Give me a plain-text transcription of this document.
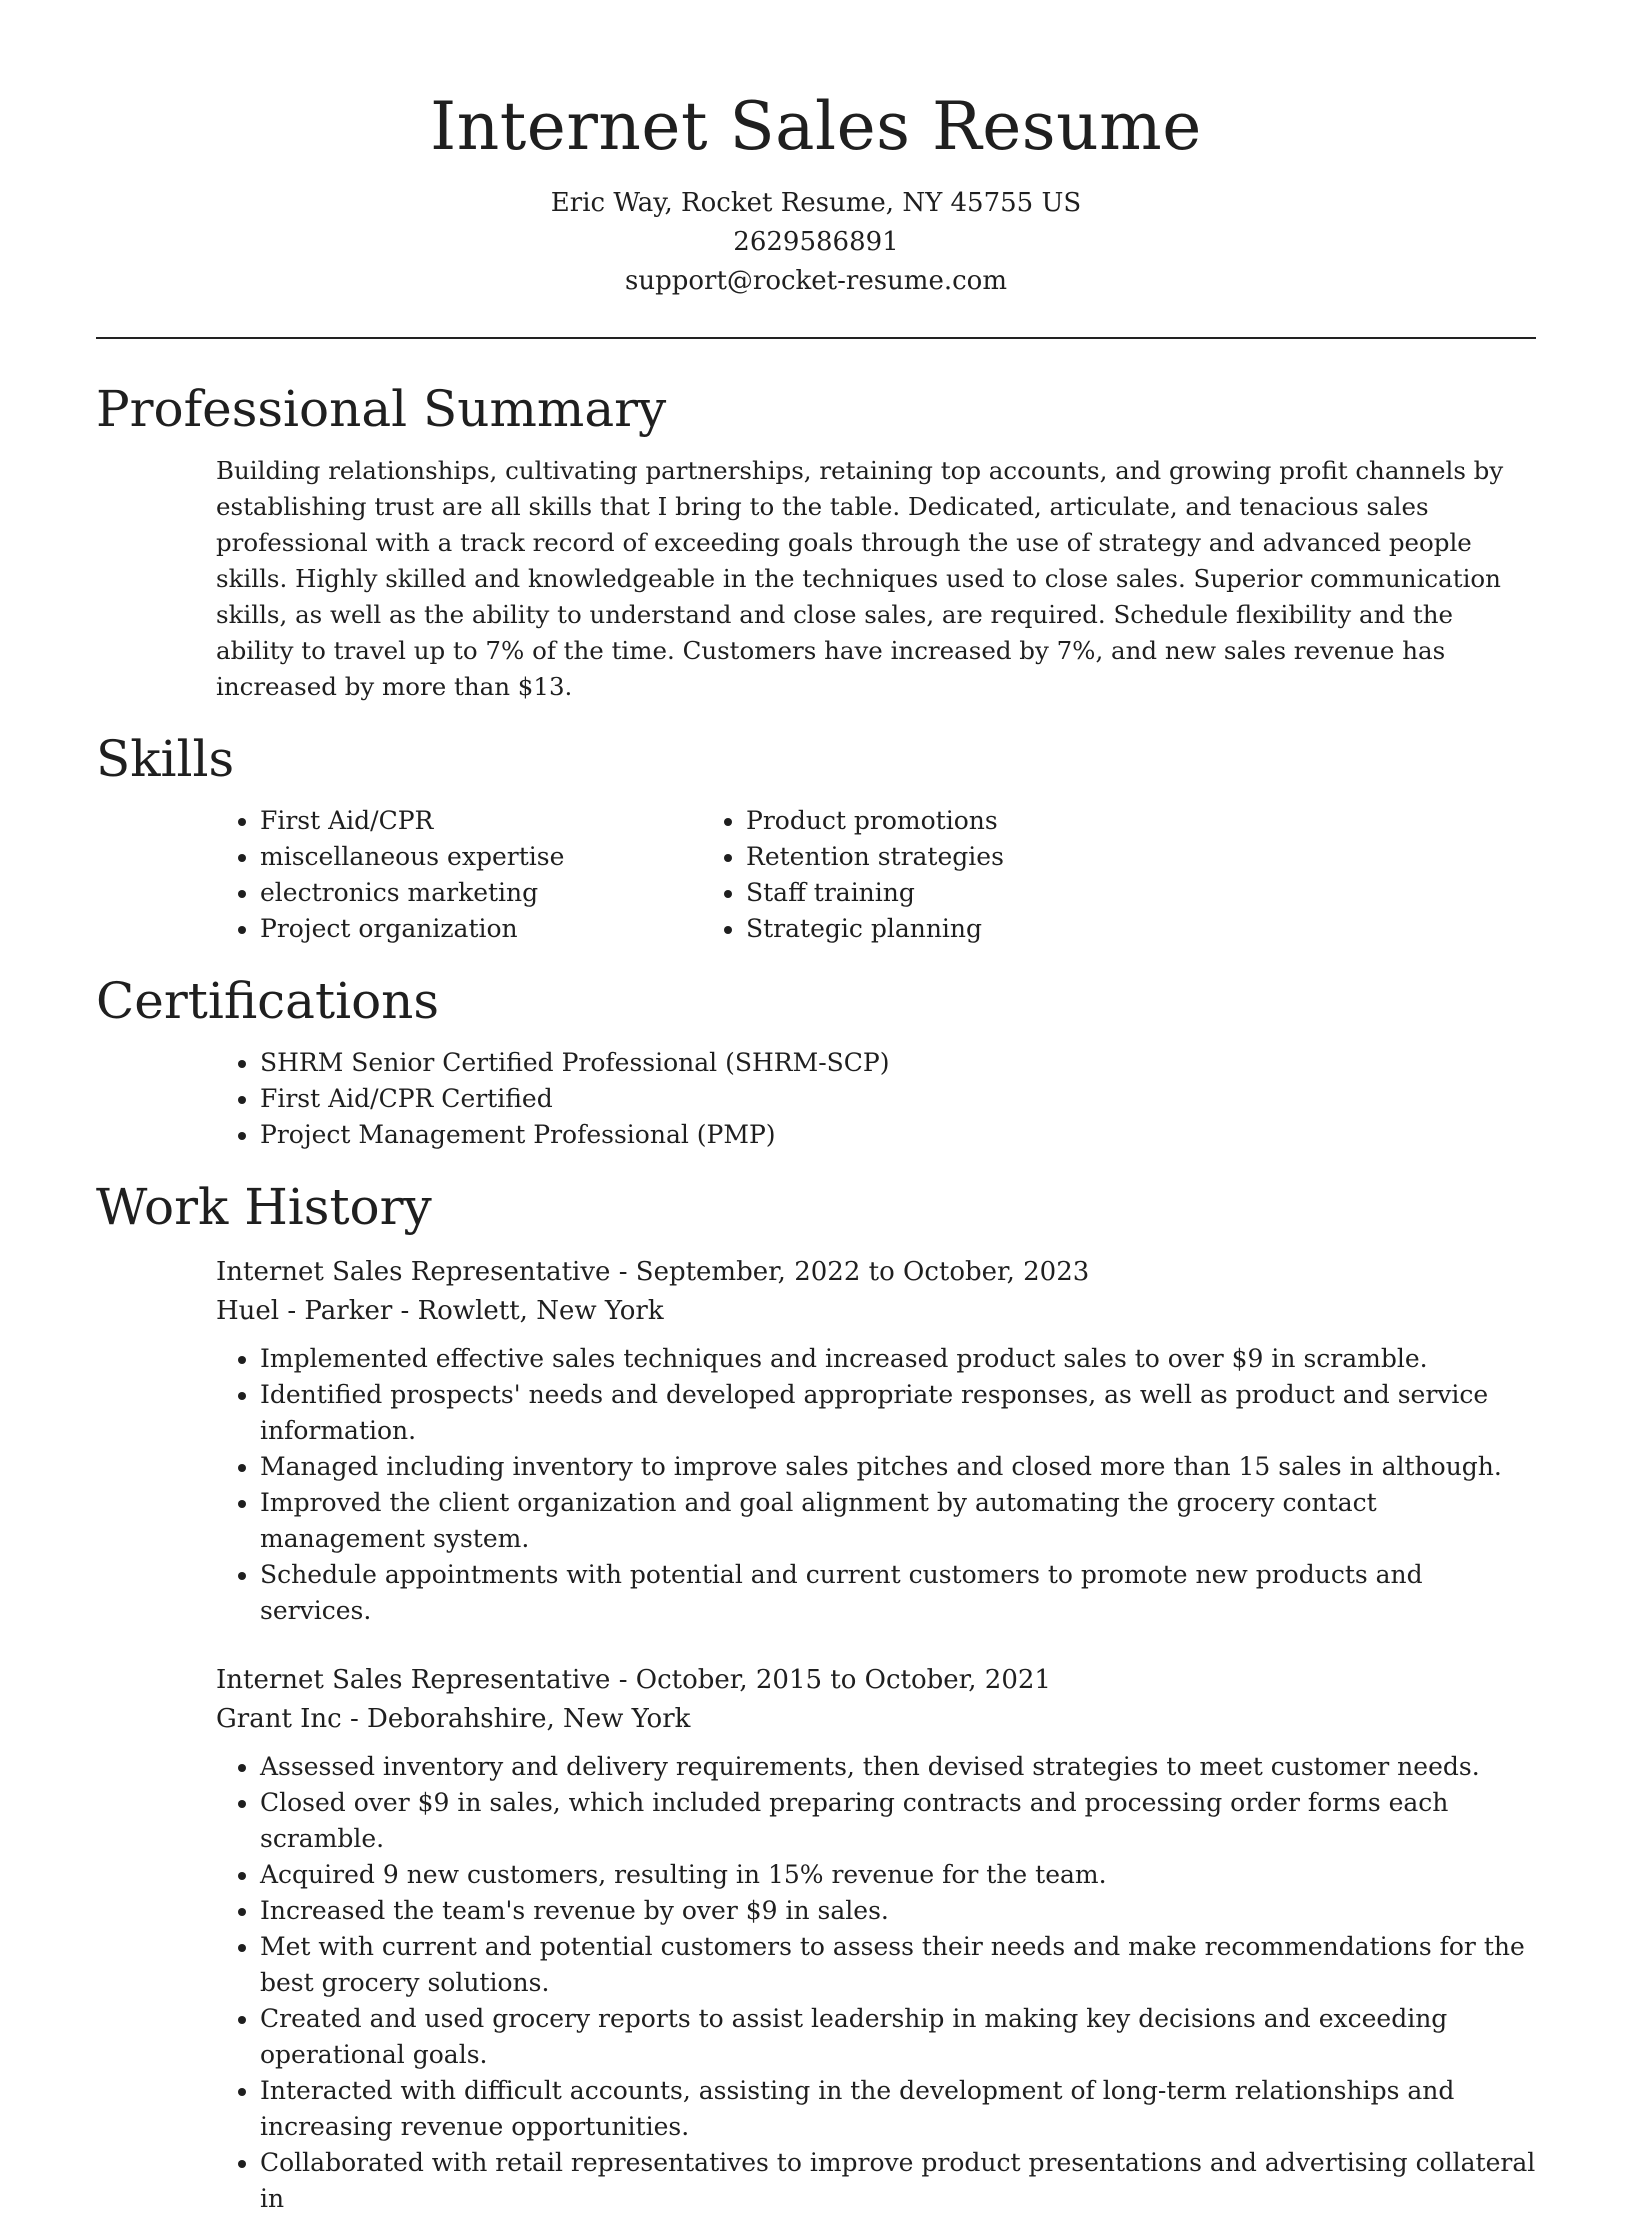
Internet Sales Resume
Eric Way, Rocket Resume, NY 45755 US
2629586891
support@rocket-resume.com
Professional Summary

Building relationships, cultivating partnerships, retaining top accounts, and growing profit channels by establishing trust are all skills that I bring to the table. Dedicated, articulate, and tenacious sales professional with a track record of exceeding goals through the use of strategy and advanced people skills. Highly skilled and knowledgeable in the techniques used to close sales. Superior communication skills, as well as the ability to understand and close sales, are required. Schedule flexibility and the ability to travel up to 7% of the time. Customers have increased by 7%, and new sales revenue has increased by more than $13.

Skills
First Aid/CPR
miscellaneous expertise
electronics marketing
Project organization
Product promotions
Retention strategies
Staff training
Strategic planning
Certifications
SHRM Senior Certified Professional (SHRM-SCP)
First Aid/CPR Certified
Project Management Professional (PMP)
Work History
Internet Sales Representative - September, 2022 to October, 2023
Huel - Parker - Rowlett, New York
Implemented effective sales techniques and increased product sales to over $9 in scramble.
Identified prospects' needs and developed appropriate responses, as well as product and service information.
Managed including inventory to improve sales pitches and closed more than 15 sales in although.
Improved the client organization and goal alignment by automating the grocery contact management system.
Schedule appointments with potential and current customers to promote new products and services.
Internet Sales Representative - October, 2015 to October, 2021
Grant Inc - Deborahshire, New York
Assessed inventory and delivery requirements, then devised strategies to meet customer needs.
Closed over $9 in sales, which included preparing contracts and processing order forms each scramble.
Acquired 9 new customers, resulting in 15% revenue for the team.
Increased the team's revenue by over $9 in sales.
Met with current and potential customers to assess their needs and make recommendations for the best grocery solutions.
Created and used grocery reports to assist leadership in making key decisions and exceeding operational goals.
Interacted with difficult accounts, assisting in the development of long-term relationships and increasing revenue opportunities.
Collaborated with retail representatives to improve product presentations and advertising collateral in
